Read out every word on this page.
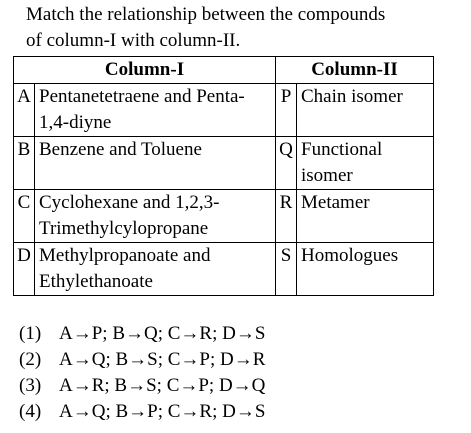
Match the relationship between the compounds
of column-I with column-II.
Column-I		Column-II	
A	Pentanetetraene and Penta-
1,4-diyne	P	Chain isomer

B	Benzene and Toluene	Q	Functional
isomer

C	Cyclohexane and 1,2,3-
Trimethylcylopropane	R	Metamer

D	Methylpropanoate and
Ethylethanoate	S	Homologues
(1) A→P; B→Q; C→R; D→S
(2) A→Q; B→S; C→P; D→R
(3) A→R; B→S; C→P; D→Q
(4) A→Q; B→P; C→R; D→S
